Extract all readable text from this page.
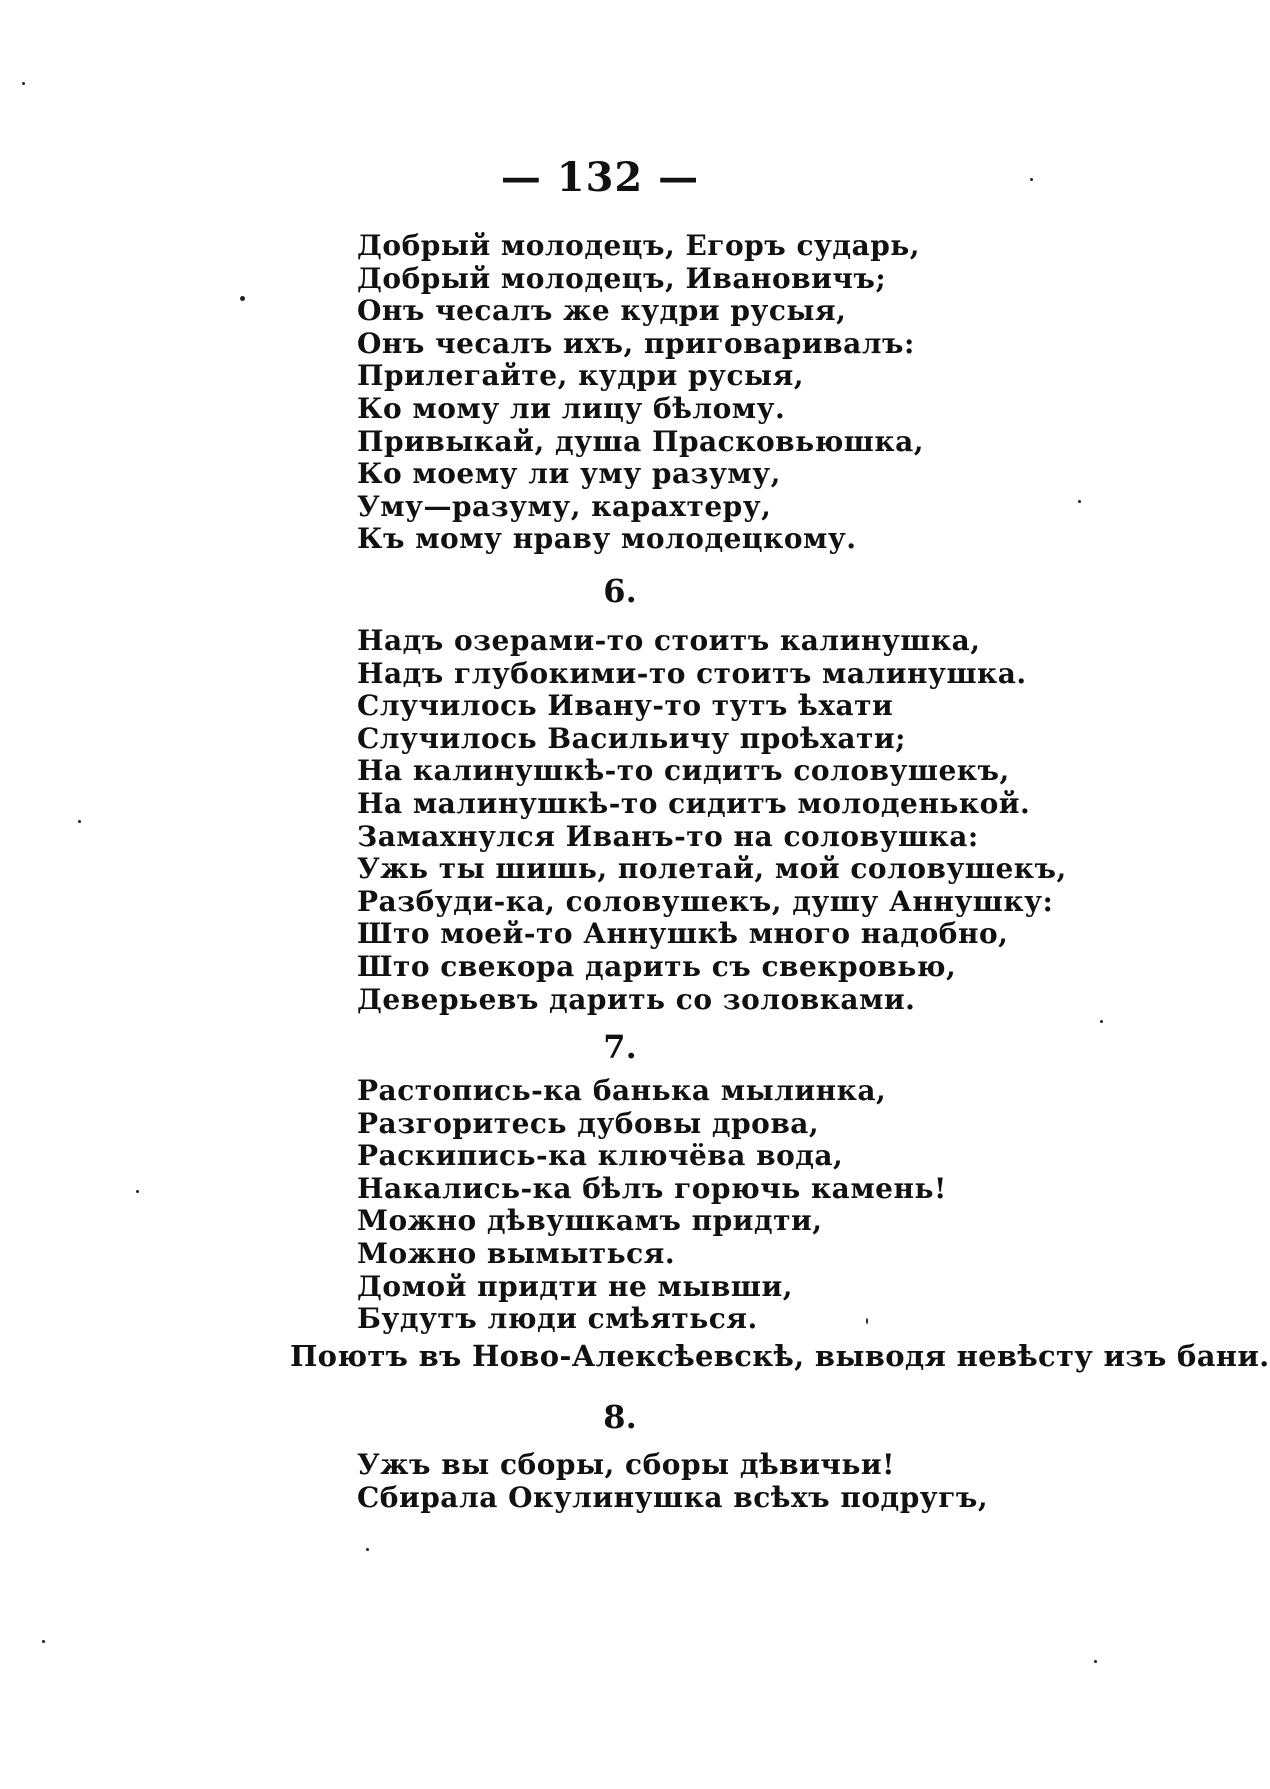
— 132 —
Добрый молодецъ, Егоръ сударь,
Добрый молодецъ, Ивановичъ;
Онъ чесалъ же кудри русыя,
Онъ чесалъ ихъ, приговаривалъ:
Прилегайте, кудри русыя,
Ко мому ли лицу бѣлому.
Привыкай, душа Прасковьюшка,
Ко моему ли уму разуму,
Уму—разуму, карахтеру,
Къ мому нраву молодецкому.
6.
Надъ озерами-то стоитъ калинушка,
Надъ глубокими-то стоитъ малинушка.
Случилось Ивану-то тутъ ѣхати
Случилось Васильичу проѣхати;
На калинушкѣ-то сидитъ соловушекъ,
На малинушкѣ-то сидитъ молоденькой.
Замахнулся Иванъ-то на соловушка:
Ужь ты шишь, полетай, мой соловушекъ,
Разбуди-ка, соловушекъ, душу Аннушку:
Што моей-то Аннушкѣ много надобно,
Што свекора дарить съ свекровью,
Деверьевъ дарить со золовками.
7.
Растопись-ка банька мылинка,
Разгоритесь дубовы дрова,
Раскипись-ка ключёва вода,
Накались-ка бѣлъ горючь камень!
Можно дѣвушкамъ придти,
Можно вымыться.
Домой придти не мывши,
Будутъ люди смѣяться.
Поютъ въ Ново-Алексѣевскѣ, выводя невѣсту изъ бани.
8.
Ужъ вы сборы, сборы дѣвичьи!
Сбирала Окулинушка всѣхъ подругъ,
